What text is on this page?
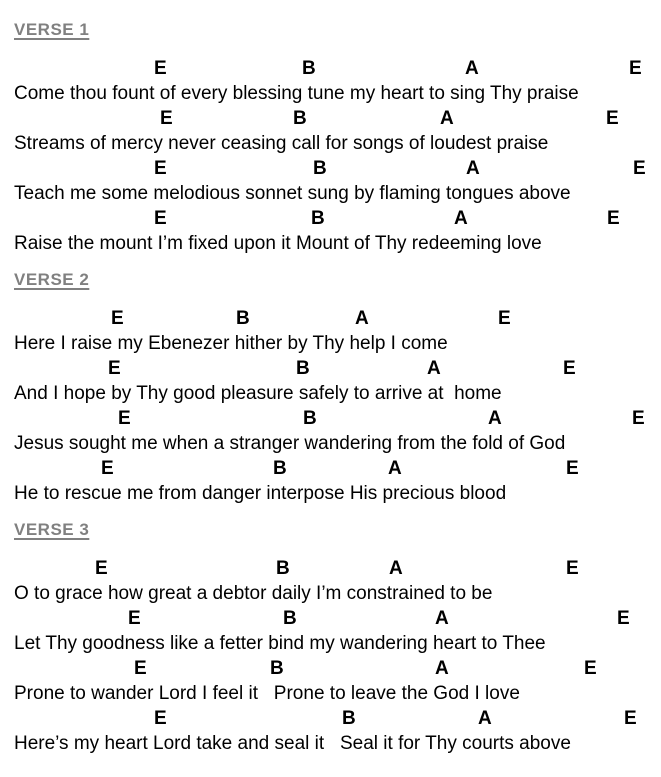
VERSE 1
E	B	A	E
Come thou fount of every blessing tune my heart to sing Thy praise
E	B	A	E
Streams of mercy never ceasing call for songs of loudest praise
E	B	A	E
Teach me some melodious sonnet sung by flaming tongues above
E	B	A	E
Raise the mount I’m fixed upon it Mount of Thy redeeming love
VERSE 2
E	B	A	E
Here I raise my Ebenezer hither by Thy help I come
E	B	A	E
And I hope by Thy good pleasure safely to arrive at  home
E	B	A	E
Jesus sought me when a stranger wandering from the fold of God
E	B	A	E
He to rescue me from danger interpose His precious blood
VERSE 3
E	B	A	E
O to grace how great a debtor daily I’m constrained to be
E	B	A	E
Let Thy goodness like a fetter bind my wandering heart to Thee
E	B	A	E
Prone to wander Lord I feel it   Prone to leave the God I love
E	B	A	E
Here’s my heart Lord take and seal it   Seal it for Thy courts above
